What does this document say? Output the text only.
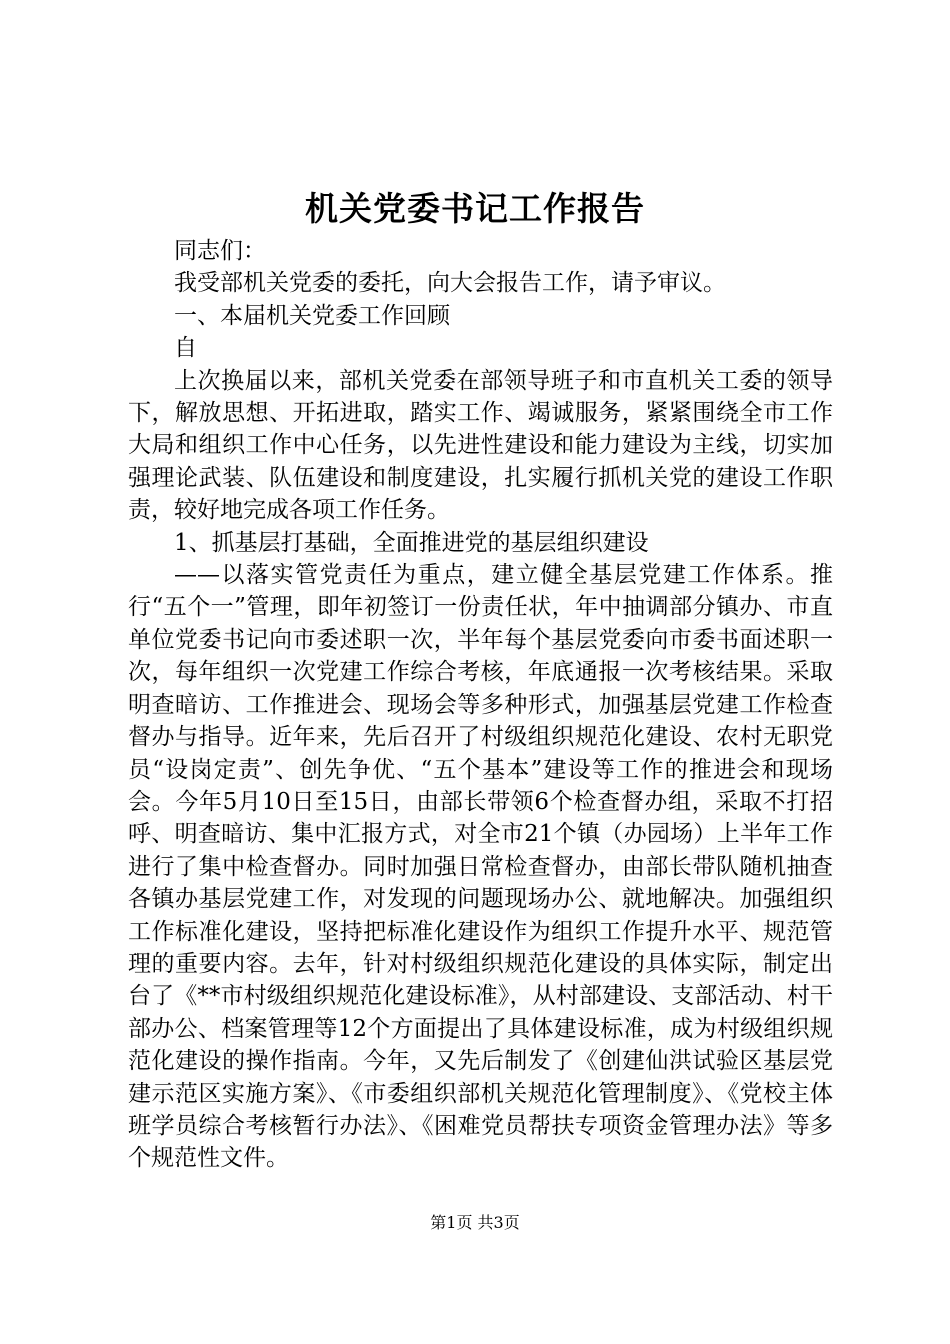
机关党委书记工作报告

同志们：

我受部机关党委的委托，向大会报告工作，请予审议。

一、本届机关党委工作回顾

自

上次换届以来，部机关党委在部领导班子和市直机关工委的领导下，解放思想、开拓进取，踏实工作、竭诚服务，紧紧围绕全市工作大局和组织工作中心任务，以先进性建设和能力建设为主线，切实加强理论武装、队伍建设和制度建设，扎实履行抓机关党的建设工作职责，较好地完成各项工作任务。

1、抓基层打基础，全面推进党的基层组织建设

——以落实管党责任为重点，建立健全基层党建工作体系。推行“五个一”管理，即年初签订一份责任状，年中抽调部分镇办、市直单位党委书记向市委述职一次，半年每个基层党委向市委书面述职一次，每年组织一次党建工作综合考核，年底通报一次考核结果。采取明查暗访、工作推进会、现场会等多种形式，加强基层党建工作检查督办与指导。近年来，先后召开了村级组织规范化建设、农村无职党员“设岗定责”、创先争优、“五个基本”建设等工作的推进会和现场会。今年5月10日至15日，由部长带领6个检查督办组，采取不打招呼、明查暗访、集中汇报方式，对全市21个镇（办园场）上半年工作进行了集中检查督办。同时加强日常检查督办，由部长带队随机抽查各镇办基层党建工作，对发现的问题现场办公、就地解决。加强组织工作标准化建设，坚持把标准化建设作为组织工作提升水平、规范管理的重要内容。去年，针对村级组织规范化建设的具体实际，制定出台了《**市村级组织规范化建设标准》，从村部建设、支部活动、村干部办公、档案管理等12个方面提出了具体建设标准，成为村级组织规范化建设的操作指南。今年，又先后制发了《创建仙洪试验区基层党建示范区实施方案》、《市委组织部机关规范化管理制度》、《党校主体班学员综合考核暂行办法》、《困难党员帮扶专项资金管理办法》等多个规范性文件。

第1页 共3页
